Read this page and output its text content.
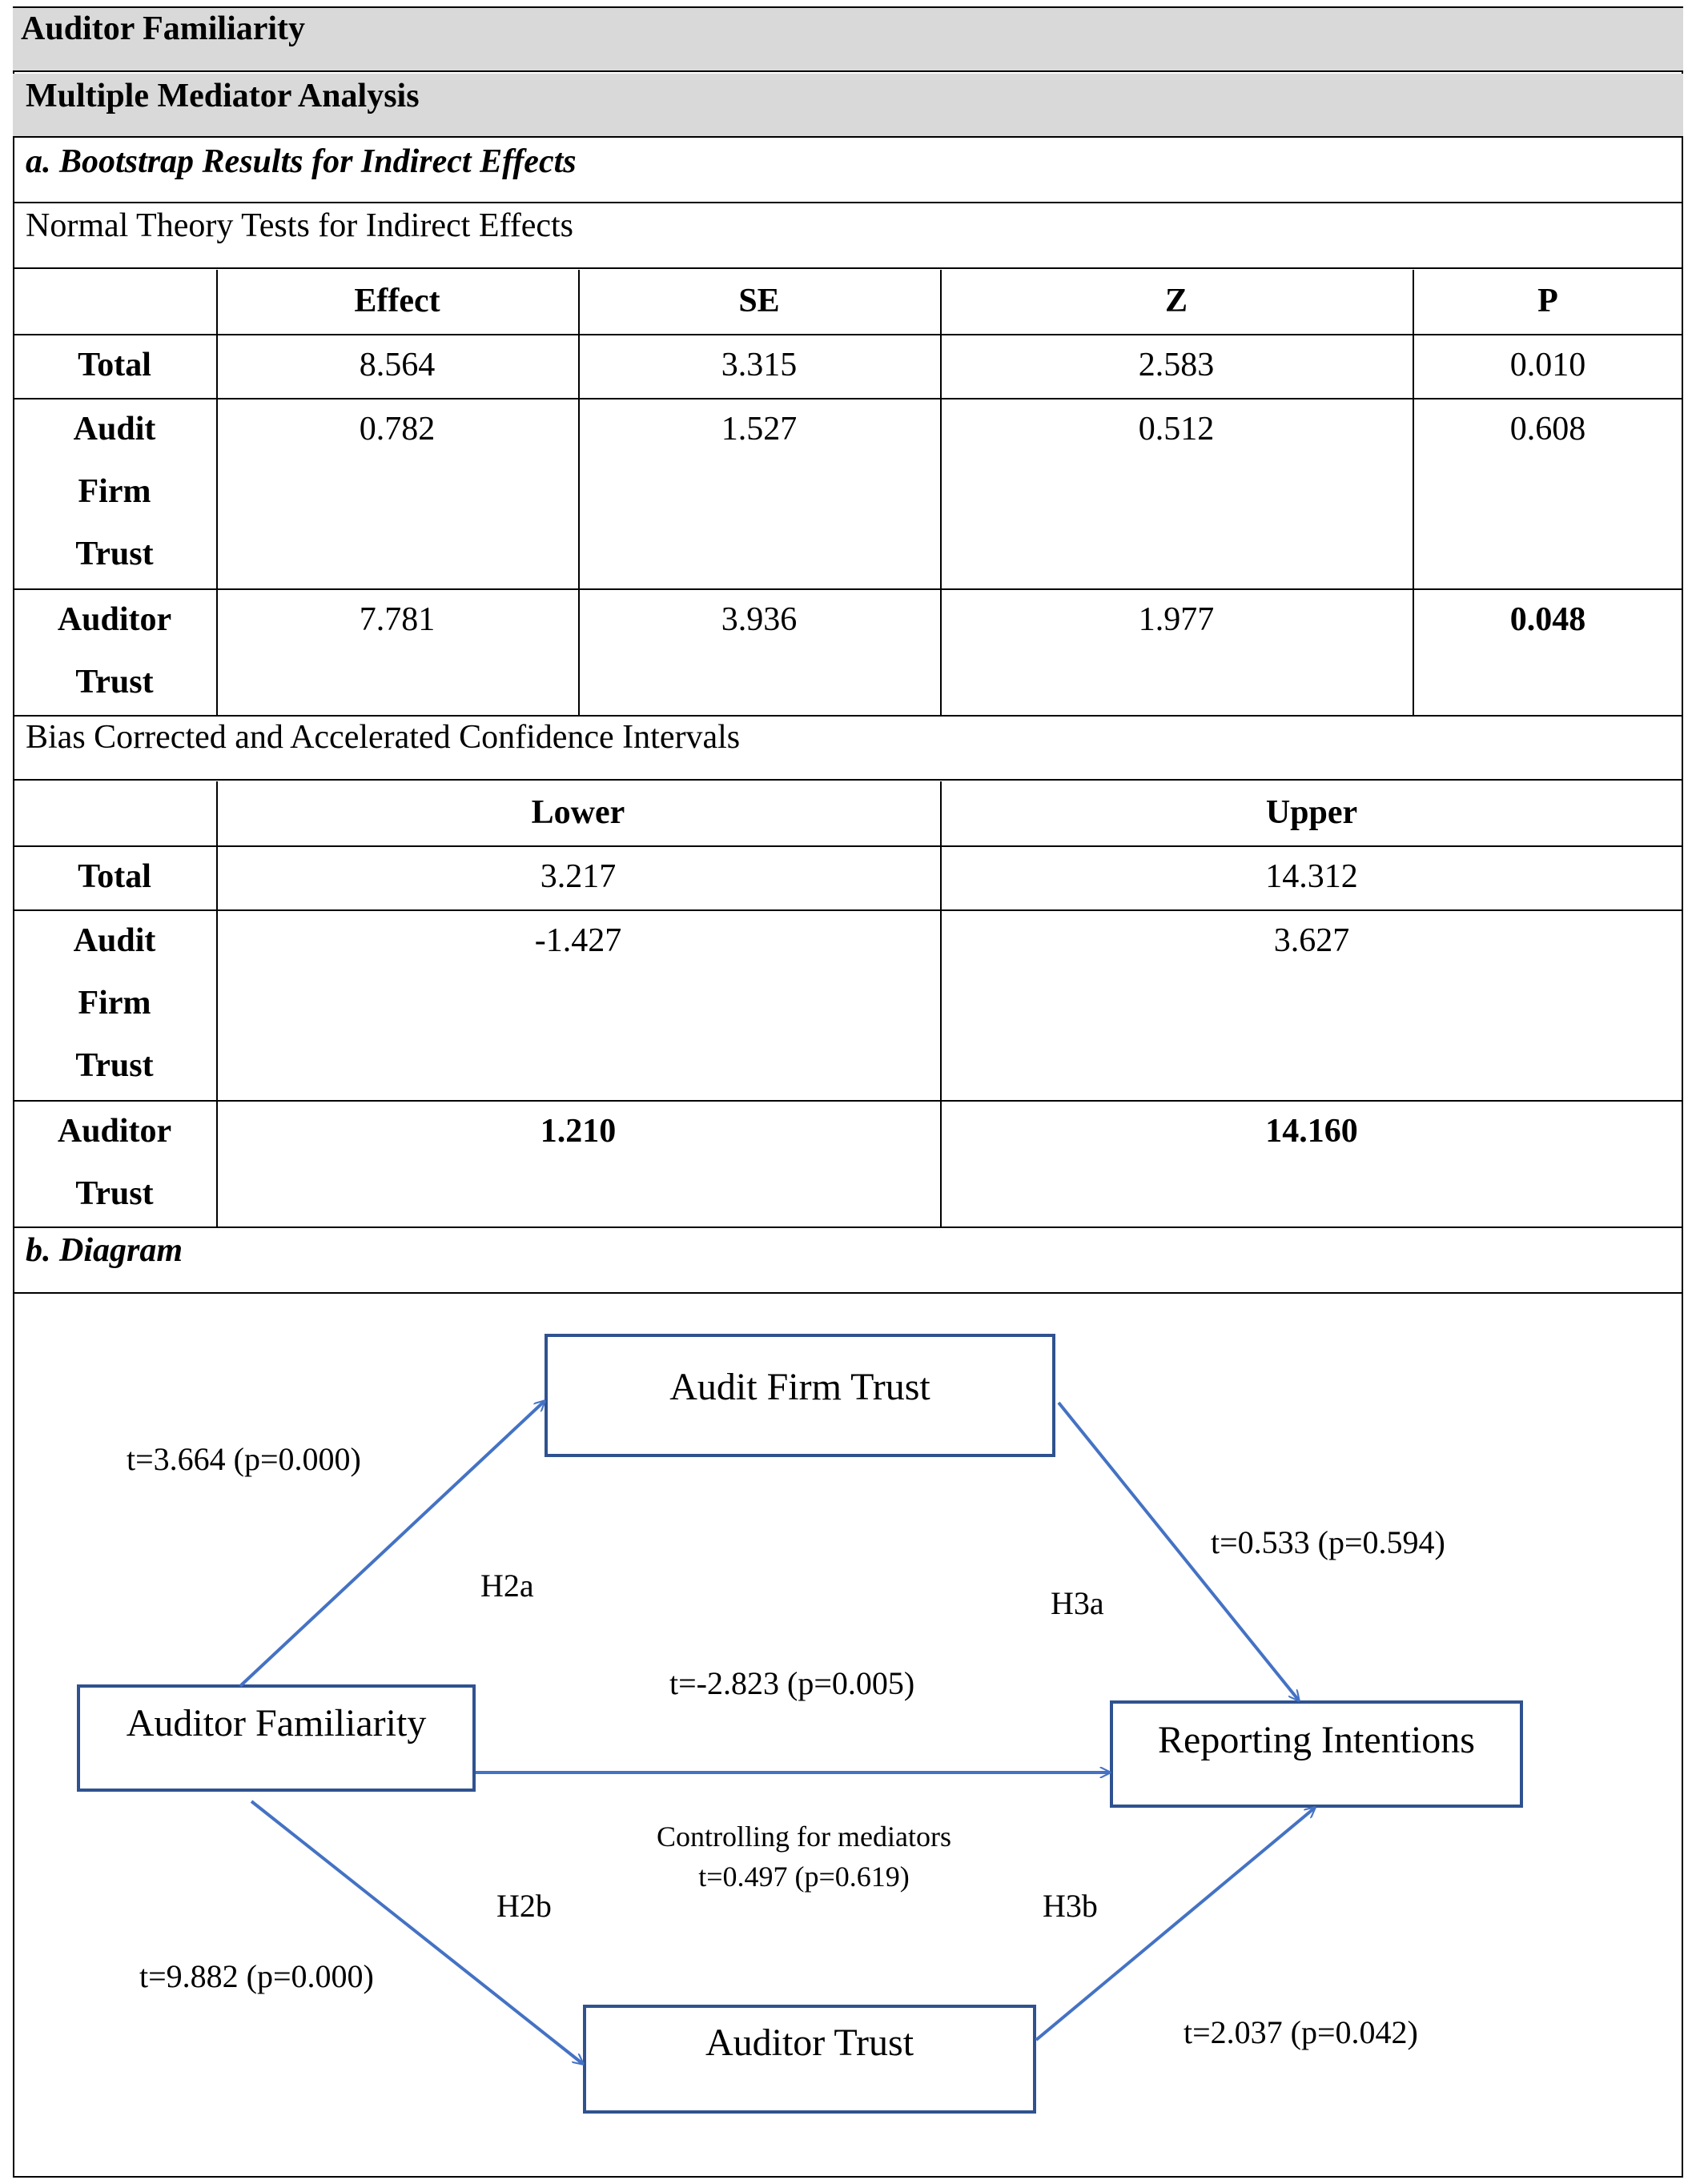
Auditor Familiarity
Multiple Mediator Analysis
a. Bootstrap Results for Indirect Effects
Normal Theory Tests for Indirect Effects
Effect	SE	Z	P
Total	8.564	3.315	2.583	0.010
Audit
Firm
Trust
0.782	1.527	0.512	0.608
Auditor
Trust
7.781	3.936	1.977	0.048
Bias Corrected and Accelerated Confidence Intervals
Lower	Upper
Total	3.217	14.312
Audit
Firm
Trust
-1.427	3.627
Auditor
Trust
1.210	14.160
b. Diagram
Audit Firm Trust
Auditor Familiarity	Reporting Intentions
Auditor Trust
t=3.664 (p=0.000)
H2a
t=0.533 (p=0.594)
H3a
t=-2.823 (p=0.005)
Controlling for mediators
t=0.497 (p=0.619)
H2b
t=9.882 (p=0.000)
H3b
t=2.037 (p=0.042)
